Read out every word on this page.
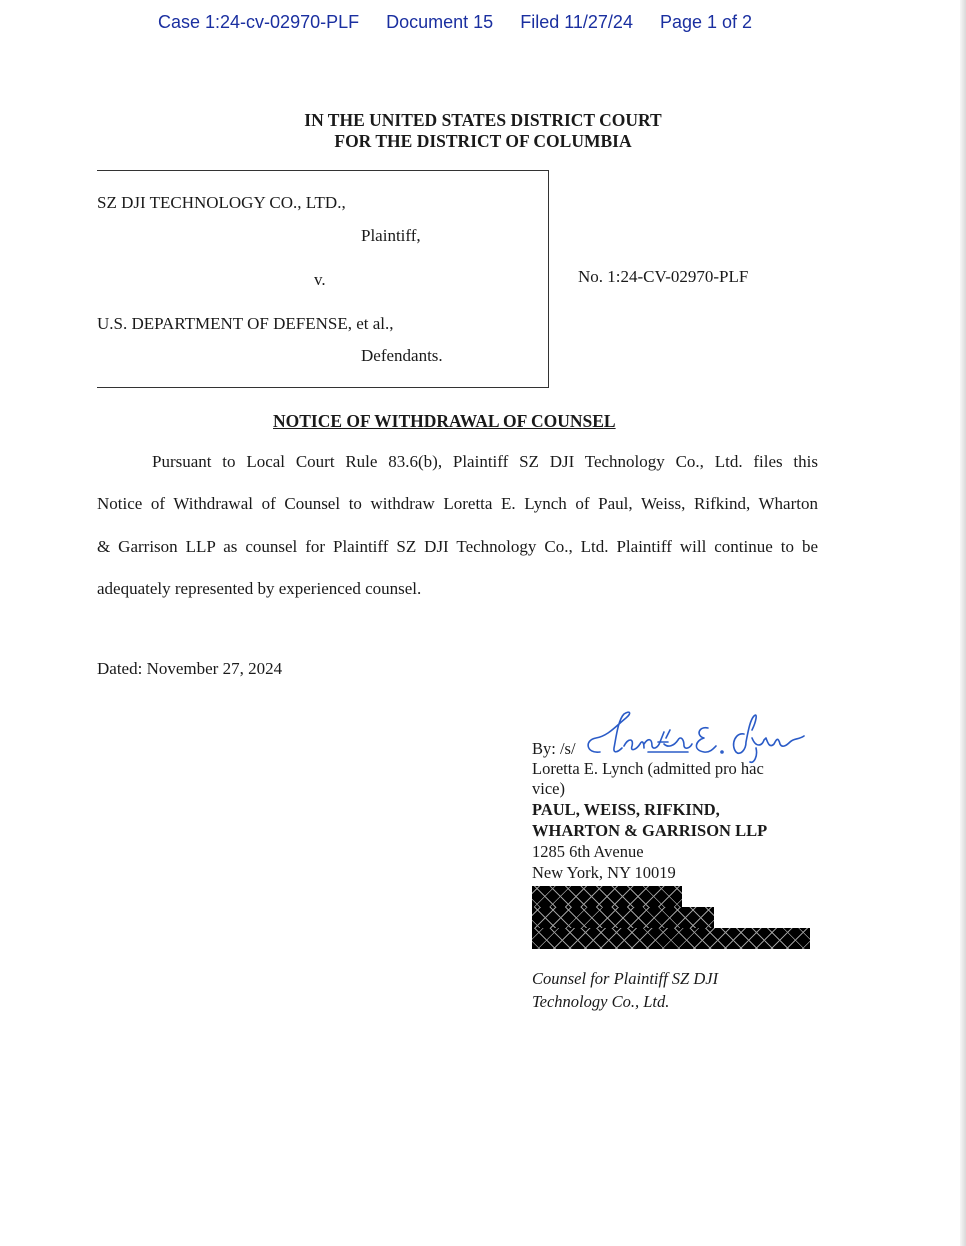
Case 1:24-cv-02970-PLF Document 15 Filed 11/27/24 Page 1 of 2
IN THE UNITED STATES DISTRICT COURT
FOR THE DISTRICT OF COLUMBIA
SZ DJI TECHNOLOGY CO., LTD.,
Plaintiff,
v.	No. 1:24-CV-02970-PLF
U.S. DEPARTMENT OF DEFENSE, et al.,
Defendants.
NOTICE OF WITHDRAWAL OF COUNSEL
Pursuant to Local Court Rule 83.6(b), Plaintiff SZ DJI Technology Co., Ltd. files this
Notice of Withdrawal of Counsel to withdraw Loretta E. Lynch of Paul, Weiss, Rifkind, Wharton
& Garrison LLP as counsel for Plaintiff SZ DJI Technology Co., Ltd. Plaintiff will continue to be
adequately represented by experienced counsel.
Dated: November 27, 2024
By: /s/
Loretta E. Lynch (admitted pro hac
vice)
PAUL, WEISS, RIFKIND,
WHARTON & GARRISON LLP
1285 6th Avenue
New York, NY 10019
Counsel for Plaintiff SZ DJI
Technology Co., Ltd.
